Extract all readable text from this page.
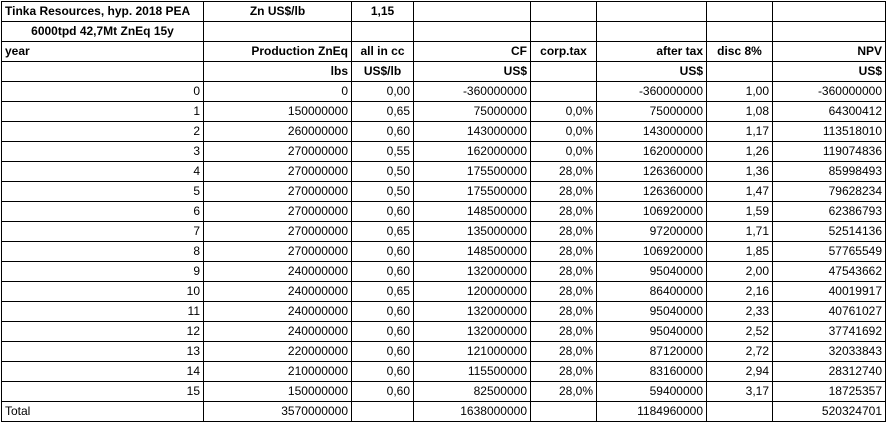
Tinka Resources, hyp. 2018 PEA	Zn US$/lb	1,15					
6000tpd 42,7Mt ZnEq 15y							
year	Production ZnEq	all in cc	CF	corp.tax	after tax	disc 8%	NPV
	lbs	US$/lb	US$		US$		US$
0	0	0,00	-360000000		-360000000	1,00	-360000000
1	150000000	0,65	75000000	0,0%	75000000	1,08	64300412
2	260000000	0,60	143000000	0,0%	143000000	1,17	113518010
3	270000000	0,55	162000000	0,0%	162000000	1,26	119074836
4	270000000	0,50	175500000	28,0%	126360000	1,36	85998493
5	270000000	0,50	175500000	28,0%	126360000	1,47	79628234
6	270000000	0,60	148500000	28,0%	106920000	1,59	62386793
7	270000000	0,65	135000000	28,0%	97200000	1,71	52514136
8	270000000	0,60	148500000	28,0%	106920000	1,85	57765549
9	240000000	0,60	132000000	28,0%	95040000	2,00	47543662
10	240000000	0,65	120000000	28,0%	86400000	2,16	40019917
11	240000000	0,60	132000000	28,0%	95040000	2,33	40761027
12	240000000	0,60	132000000	28,0%	95040000	2,52	37741692
13	220000000	0,60	121000000	28,0%	87120000	2,72	32033843
14	210000000	0,60	115500000	28,0%	83160000	2,94	28312740
15	150000000	0,60	82500000	28,0%	59400000	3,17	18725357
Total	3570000000		1638000000		1184960000		520324701
